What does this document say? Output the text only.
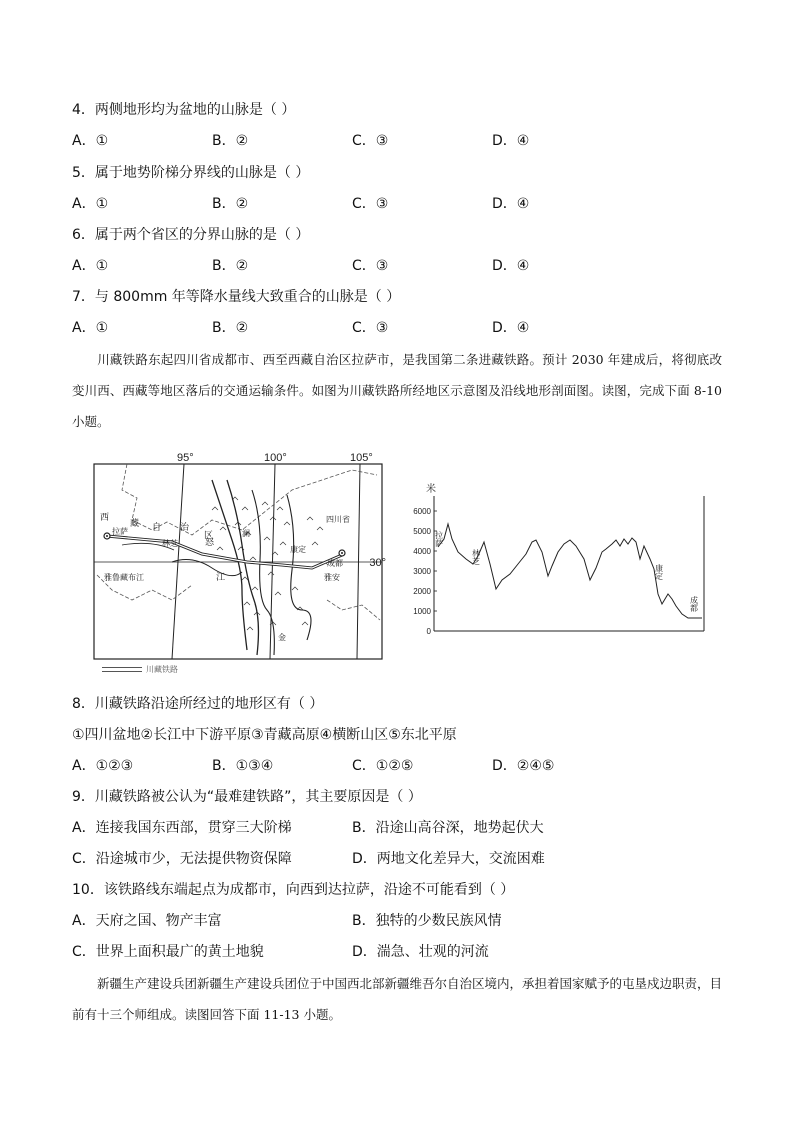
4．两侧地形均为盆地的山脉是（ ）
A．①	B．②	C．③	D．④
5．属于地势阶梯分界线的山脉是（ ）
A．①	B．②	C．③	D．④
6．属于两个省区的分界山脉的是（ ）
A．①	B．②	C．③	D．④
7．与 800mm 年等降水量线大致重合的山脉是（ ）
A．①	B．②	C．③	D．④
川藏铁路东起四川省成都市、西至西藏自治区拉萨市，是我国第二条进藏铁路。预计 2030 年建成后，将彻底改变川西、西藏等地区落后的交通运输条件。如图为川藏铁路所经地区示意图及沿线地形剖面图。读图，完成下面 8-10 小题。
95°	100°	105°
西
藏 自 治
区
拉萨
林芝	怒
江
澜
金
雅鲁藏布江
四川省
康定
成都
雅安
30°
川藏铁路
米
6000
5000
4000
3000
2000
1000
0
拉萨
林芝
康定
成都
8．川藏铁路沿途所经过的地形区有（ ）
①四川盆地②长江中下游平原③青藏高原④横断山区⑤东北平原
A．①②③	B．①③④	C．①②⑤	D．②④⑤
9．川藏铁路被公认为“最难建铁路”，其主要原因是（ ）
A．连接我国东西部，贯穿三大阶梯	B．沿途山高谷深，地势起伏大
C．沿途城市少，无法提供物资保障	D．两地文化差异大，交流困难
10．该铁路线东端起点为成都市，向西到达拉萨，沿途不可能看到（ ）
A．天府之国、物产丰富	B．独特的少数民族风情
C．世界上面积最广的黄土地貌	D．湍急、壮观的河流
新疆生产建设兵团新疆生产建设兵团位于中国西北部新疆维吾尔自治区境内，承担着国家赋予的屯垦戍边职责，目前有十三个师组成。读图回答下面 11-13 小题。
